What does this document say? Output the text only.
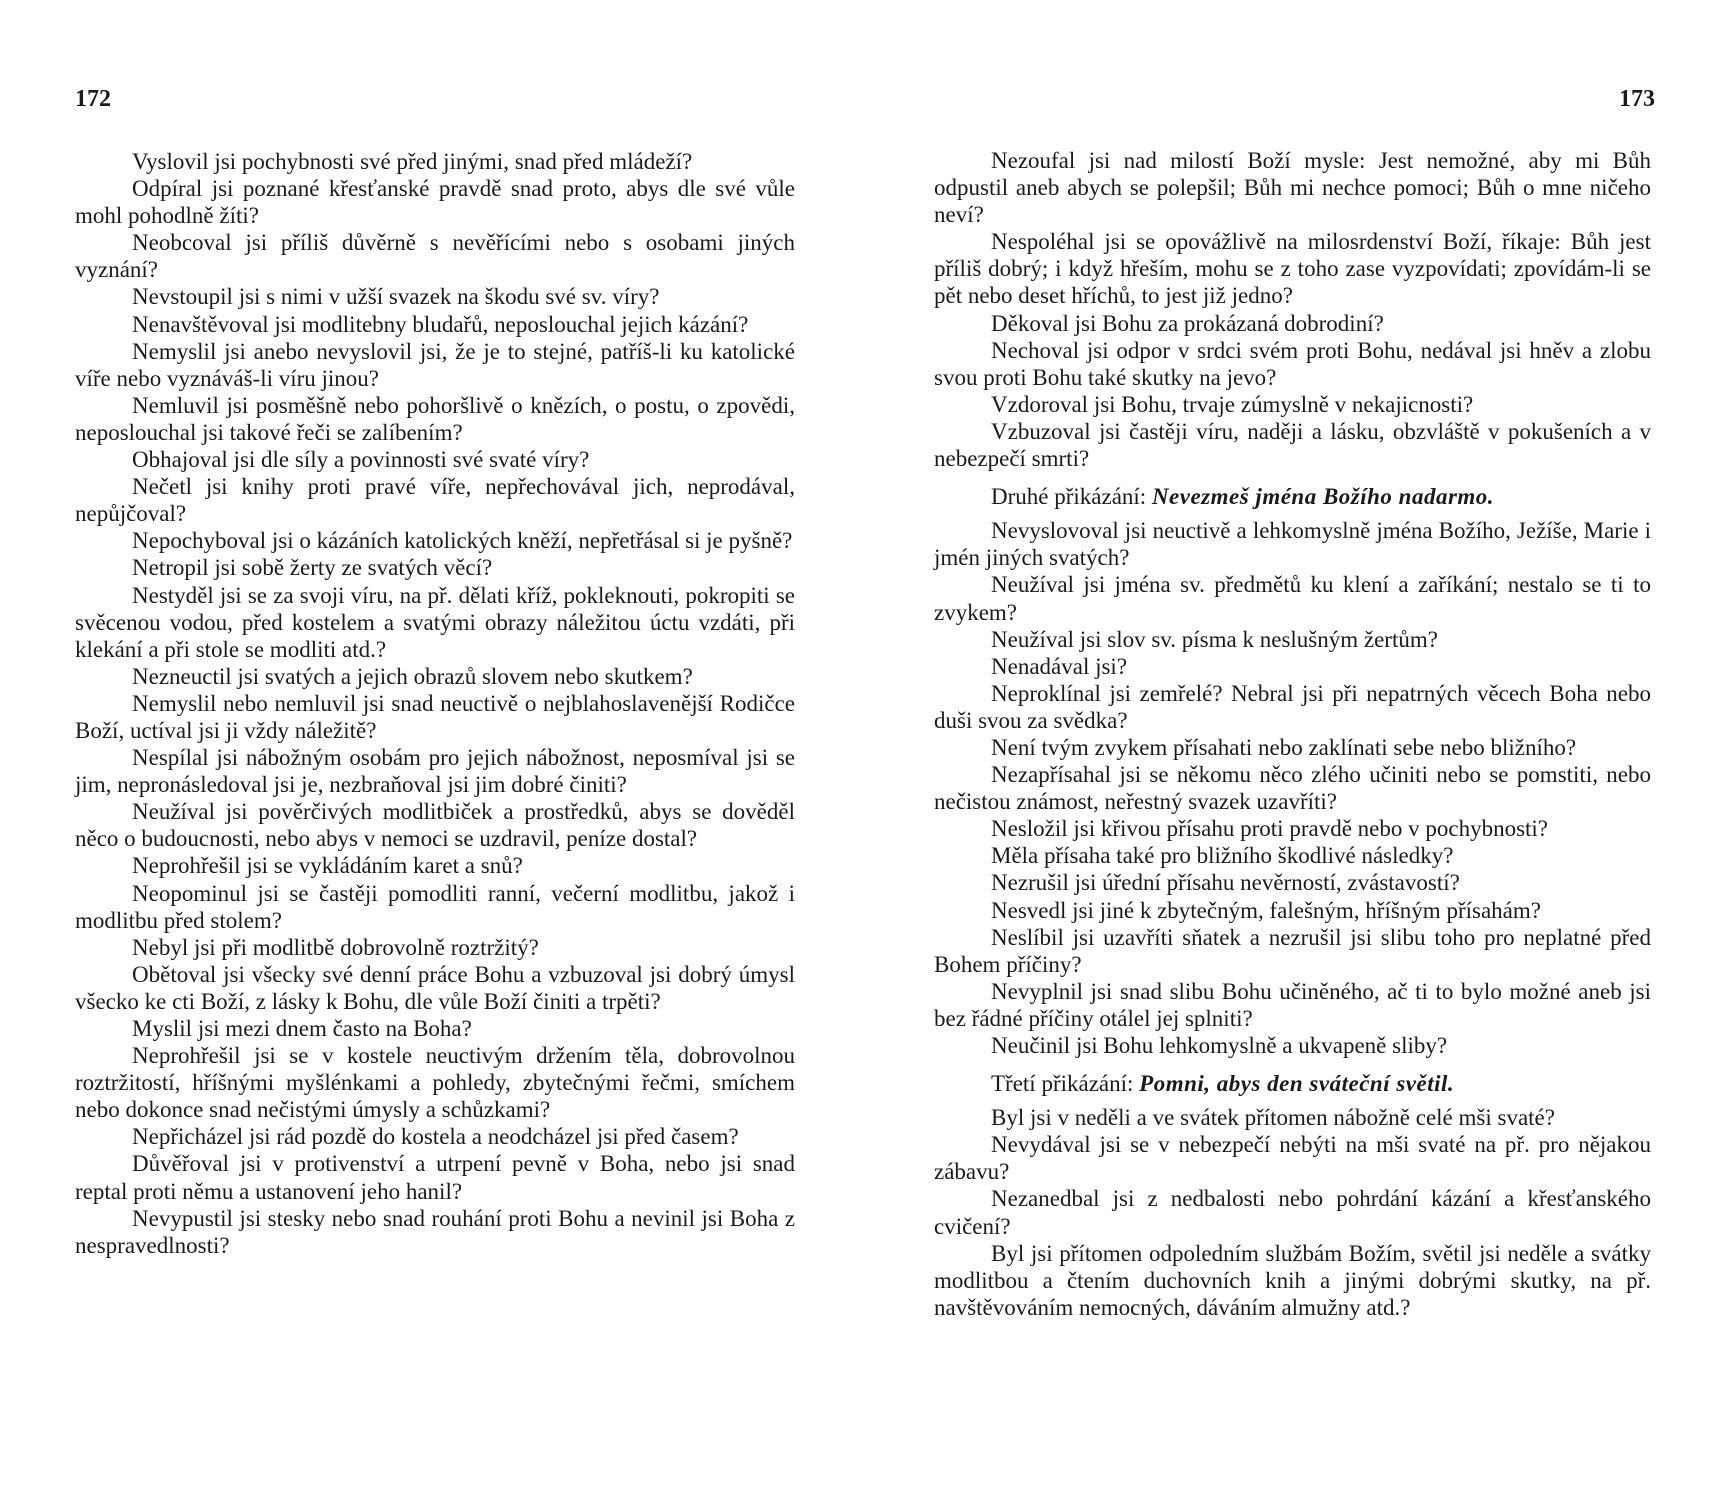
172	173

Vyslovil jsi pochybnosti své před jinými, snad před mládeží?

Odpíral jsi poznané křesťanské pravdě snad proto, abys dle své vůle mohl pohodlně žíti?

Neobcoval jsi příliš důvěrně s nevěřícími nebo s osobami jiných vyznání?

Nevstoupil jsi s nimi v užší svazek na škodu své sv. víry?

Nenavštěvoval jsi modlitebny bludařů, neposlouchal jejich kázání?

Nemyslil jsi anebo nevyslovil jsi, že je to stejné, patříš-li ku katolické víře nebo vyznáváš-li víru jinou?

Nemluvil jsi posměšně nebo pohoršlivě o knězích, o postu, o zpovědi, neposlouchal jsi takové řeči se zalíbením?

Obhajoval jsi dle síly a povinnosti své svaté víry?

Nečetl jsi knihy proti pravé víře, nepřechovával jich, neprodával, nepůjčoval?

Nepochyboval jsi o kázáních katolických kněží, nepřetřásal si je pyšně?

Netropil jsi sobě žerty ze svatých věcí?

Nestyděl jsi se za svoji víru, na př. dělati kříž, pokleknouti, pokropiti se svěcenou vodou, před kostelem a svatými obrazy náležitou úctu vzdáti, při klekání a při stole se modliti atd.?

Nezneuctil jsi svatých a jejich obrazů slovem nebo skutkem?

Nemyslil nebo nemluvil jsi snad neuctivě o nejblahoslavenější Rodičce Boží, uctíval jsi ji vždy náležitě?

Nespílal jsi nábožným osobám pro jejich nábožnost, neposmíval jsi se jim, nepronásledoval jsi je, nezbraňoval jsi jim dobré činiti?

Neužíval jsi pověrčivých modlitbiček a prostředků, abys se dověděl něco o budoucnosti, nebo abys v nemoci se uzdravil, peníze dostal?

Neprohřešil jsi se vykládáním karet a snů?

Neopominul jsi se častěji pomodliti ranní, večerní modlitbu, jakož i modlitbu před stolem?

Nebyl jsi při modlitbě dobrovolně roztržitý?

Obětoval jsi všecky své denní práce Bohu a vzbuzoval jsi dobrý úmysl všecko ke cti Boží, z lásky k Bohu, dle vůle Boží činiti a trpěti?

Myslil jsi mezi dnem často na Boha?

Neprohřešil jsi se v kostele neuctivým držením těla, dobrovolnou roztržitostí, hříšnými myšlénkami a pohledy, zbytečnými řečmi, smíchem nebo dokonce snad nečistými úmysly a schůzkami?

Nepřicházel jsi rád pozdě do kostela a neodcházel jsi před časem?

Důvěřoval jsi v protivenství a utrpení pevně v Boha, nebo jsi snad reptal proti němu a ustanovení jeho hanil?

Nevypustil jsi stesky nebo snad rouhání proti Bohu a nevinil jsi Boha z nespravedlnosti?

Nezoufal jsi nad milostí Boží mysle: Jest nemožné, aby mi Bůh odpustil aneb abych se polepšil; Bůh mi nechce pomoci; Bůh o mne ničeho neví?

Nespoléhal jsi se opovážlivě na milosrdenství Boží, říkaje: Bůh jest příliš dobrý; i když hřeším, mohu se z toho zase vyzpovídati; zpovídám-li se pět nebo deset hříchů, to jest již jedno?

Děkoval jsi Bohu za prokázaná dobrodiní?

Nechoval jsi odpor v srdci svém proti Bohu, nedával jsi hněv a zlobu svou proti Bohu také skutky na jevo?

Vzdoroval jsi Bohu, trvaje zúmyslně v nekajicnosti?

Vzbuzoval jsi častěji víru, naději a lásku, obzvláště v pokušeních a v nebezpečí smrti?

Druhé přikázání: Nevezmeš jména Božího nadarmo.

Nevyslovoval jsi neuctivě a lehkomyslně jména Božího, Ježíše, Marie i jmén jiných svatých?

Neužíval jsi jména sv. předmětů ku klení a zaříkání; nestalo se ti to zvykem?

Neužíval jsi slov sv. písma k neslušným žertům?

Nenadával jsi?

Neproklínal jsi zemřelé? Nebral jsi při nepatrných věcech Boha nebo duši svou za svědka?

Není tvým zvykem přísahati nebo zaklínati sebe nebo bližního?

Nezapřísahal jsi se někomu něco zlého učiniti nebo se pomstiti, nebo nečistou známost, neřestný svazek uzavříti?

Nesložil jsi křivou přísahu proti pravdě nebo v pochybnosti?

Měla přísaha také pro bližního škodlivé následky?

Nezrušil jsi úřední přísahu nevěrností, zvástavostí?

Nesvedl jsi jiné k zbytečným, falešným, hříšným přísahám?

Neslíbil jsi uzavříti sňatek a nezrušil jsi slibu toho pro neplatné před Bohem příčiny?

Nevyplnil jsi snad slibu Bohu učiněného, ač ti to bylo možné aneb jsi bez řádné příčiny otálel jej splniti?

Neučinil jsi Bohu lehkomyslně a ukvapeně sliby?

Třetí přikázání: Pomni, abys den sváteční světil.

Byl jsi v neděli a ve svátek přítomen nábožně celé mši svaté?

Nevydával jsi se v nebezpečí nebýti na mši svaté na př. pro nějakou zábavu?

Nezanedbal jsi z nedbalosti nebo pohrdání kázání a křesťanského cvičení?

Byl jsi přítomen odpoledním službám Božím, světil jsi neděle a svátky modlitbou a čtením duchovních knih a jinými dobrými skutky, na př. navštěvováním nemocných, dáváním almužny atd.?
